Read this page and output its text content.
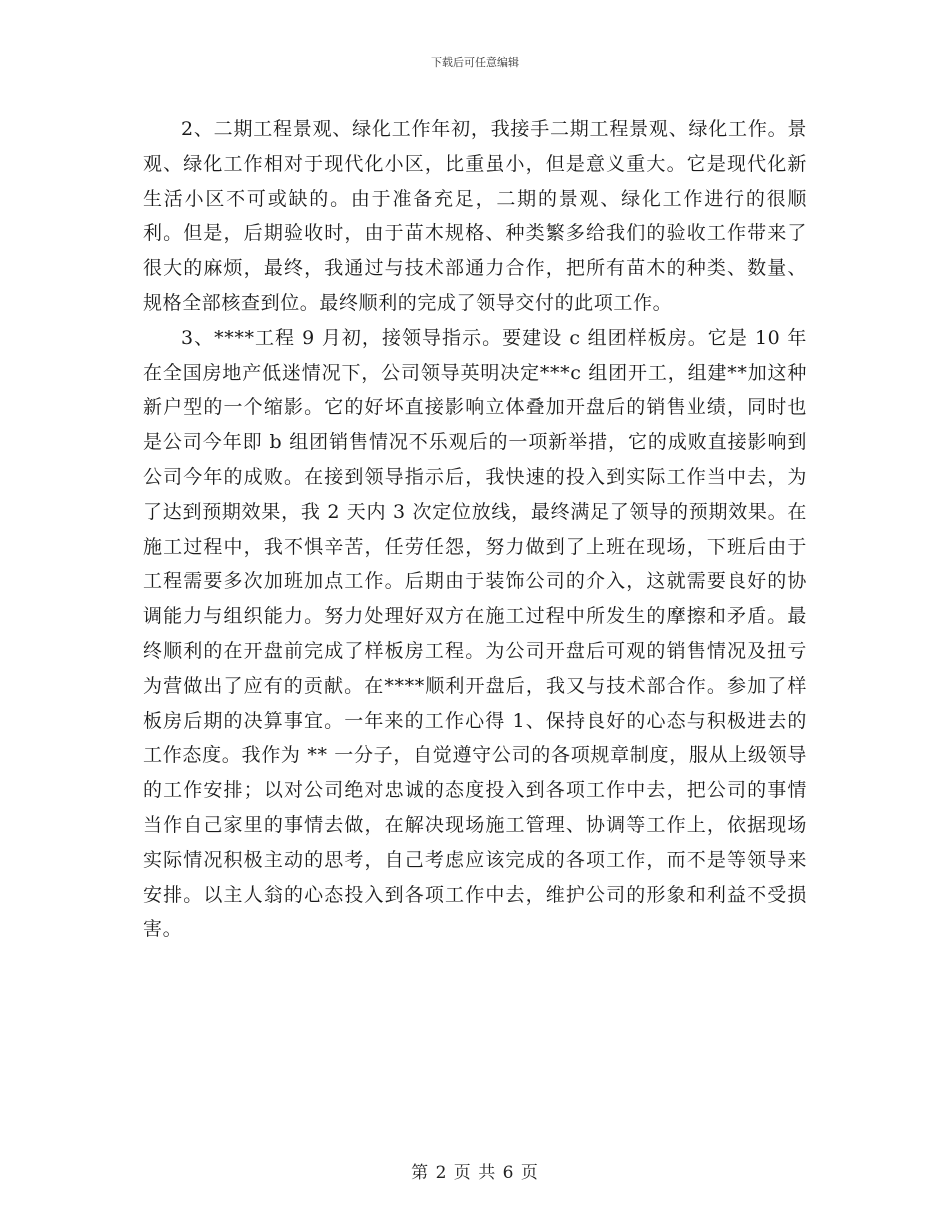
下载后可任意编辑

2、二期工程景观、绿化工作年初，我接手二期工程景观、绿化工作。景观、绿化工作相对于现代化小区，比重虽小，但是意义重大。它是现代化新生活小区不可或缺的。由于准备充足，二期的景观、绿化工作进行的很顺利。但是，后期验收时，由于苗木规格、种类繁多给我们的验收工作带来了很大的麻烦，最终，我通过与技术部通力合作，把所有苗木的种类、数量、规格全部核查到位。最终顺利的完成了领导交付的此项工作。

3、****工程 9 月初，接领导指示。要建设 c 组团样板房。它是 10 年在全国房地产低迷情况下，公司领导英明决定***c 组团开工，组建**加这种新户型的一个缩影。它的好坏直接影响立体叠加开盘后的销售业绩，同时也是公司今年即 b 组团销售情况不乐观后的一项新举措，它的成败直接影响到公司今年的成败。在接到领导指示后，我快速的投入到实际工作当中去，为了达到预期效果，我 2 天内 3 次定位放线，最终满足了领导的预期效果。在施工过程中，我不惧辛苦，任劳任怨，努力做到了上班在现场，下班后由于工程需要多次加班加点工作。后期由于装饰公司的介入，这就需要良好的协调能力与组织能力。努力处理好双方在施工过程中所发生的摩擦和矛盾。最终顺利的在开盘前完成了样板房工程。为公司开盘后可观的销售情况及扭亏为营做出了应有的贡献。在****顺利开盘后，我又与技术部合作。参加了样板房后期的决算事宜。一年来的工作心得 1、保持良好的心态与积极进去的工作态度。我作为 ** 一分子，自觉遵守公司的各项规章制度，服从上级领导的工作安排；以对公司绝对忠诚的态度投入到各项工作中去，把公司的事情当作自己家里的事情去做，在解决现场施工管理、协调等工作上，依据现场实际情况积极主动的思考，自己考虑应该完成的各项工作，而不是等领导来安排。以主人翁的心态投入到各项工作中去，维护公司的形象和利益不受损害。

第 2 页 共 6 页
